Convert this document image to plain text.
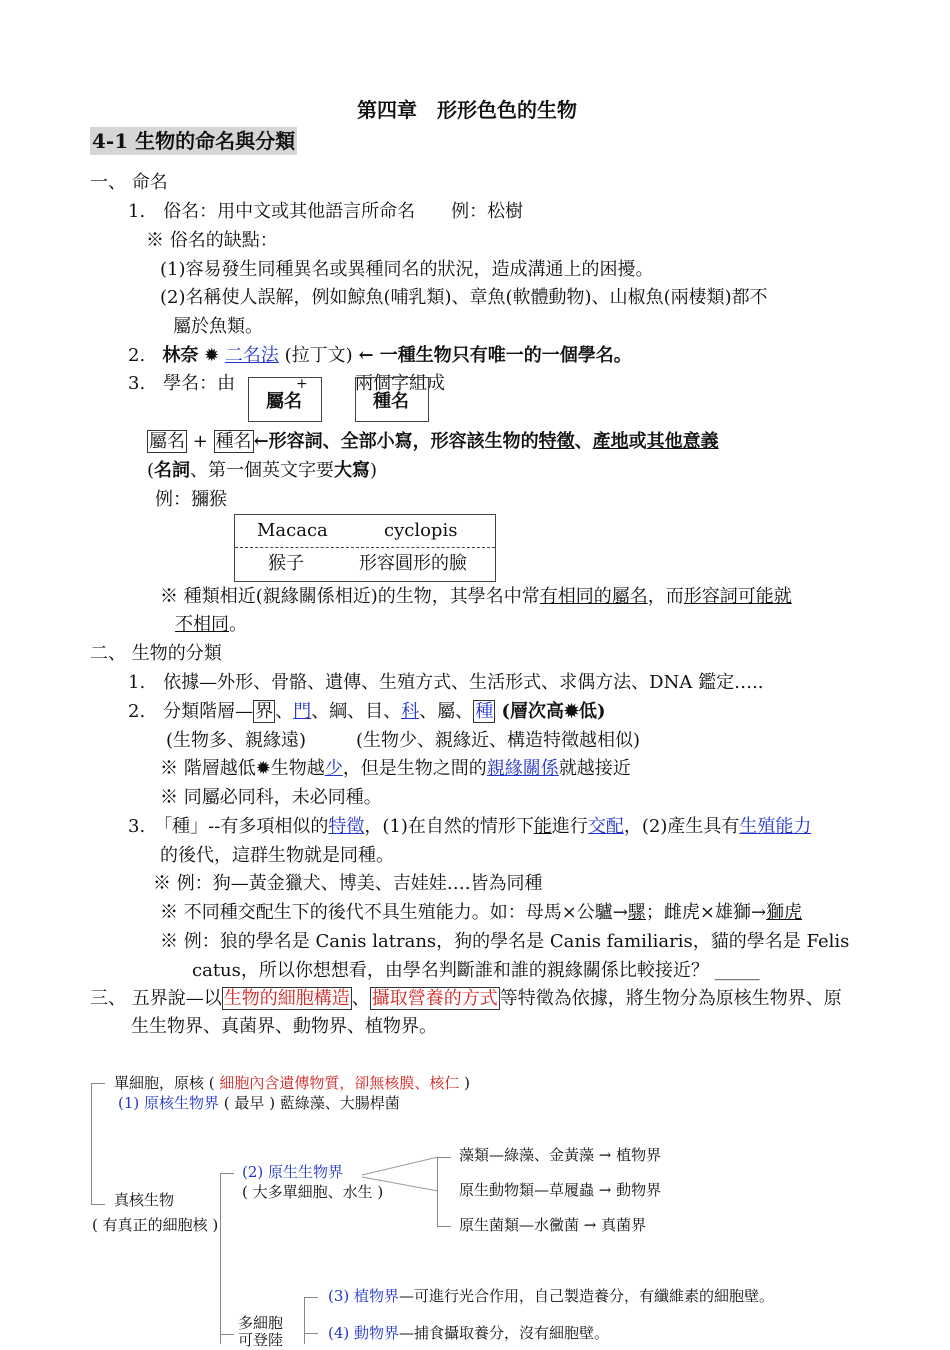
第四章　形形色色的生物
4-1 生物的命名與分類
一、 命名
1.　俗名：用中文或其他語言所命名　　例：松樹
※ 俗名的缺點：
(1)容易發生同種異名或異種同名的狀況，造成溝通上的困擾。
(2)名稱使人誤解，例如鯨魚(哺乳類)、章魚(軟體動物)、山椒魚(兩棲類)都不
屬於魚類。
2. 林奈 ✹ 二名法 (拉丁文) ← 一種生物只有唯一的一個學名。
3.　學名：由	+	兩個字組成
屬名	種名
屬名 + 種名 ←形容詞、全部小寫，形容該生物的特徵、產地或其他意義
(名詞、第一個英文字要大寫)
例：獼猴
Macaca	cyclopis
猴子	形容圓形的臉
※ 種類相近(親緣關係相近)的生物，其學名中常有相同的屬名，而形容詞可能就
不相同。
二、 生物的分類
1.　依據—外形、骨骼、遺傳、生殖方式、生活形式、求偶方法、DNA 鑑定…..
2.　分類階層— 界 、門、綱、目、科、屬、 種 (層次高✹低)
(生物多、親緣遠)	(生物少、親緣近、構造特徵越相似)
※ 階層越低✹生物越少，但是生物之間的親緣關係就越接近
※ 同屬必同科，未必同種。
3.　「種」--有多項相似的特徵，(1)在自然的情形下能進行交配，(2)產生具有生殖能力
的後代，這群生物就是同種。
※ 例：狗—黃金獵犬、博美、吉娃娃….皆為同種
※ 不同種交配生下的後代不具生殖能力。如：母馬×公驢→騾；雌虎×雄獅→獅虎
※ 例：狼的學名是 Canis latrans，狗的學名是 Canis familiaris，貓的學名是 Felis
catus，所以你想想看，由學名判斷誰和誰的親緣關係比較接近？ _____
三、 五界說—以 生物的細胞構造 、 攝取營養的方式 等特徵為依據，將生物分為原核生物界、原
生生物界、真菌界、動物界、植物界。
單細胞，原核 ( 細胞內含遺傳物質，卻無核膜、核仁 )
(1) 原核生物界 ( 最早 ) 藍綠藻、大腸桿菌
真核生物
( 有真正的細胞核 )
(2) 原生生物界
( 大多單細胞、水生 )
藻類—綠藻、金黃藻 → 植物界
原生動物類—草履蟲 → 動物界
原生菌類—水黴菌 → 真菌界
多細胞
可登陸
(3) 植物界—可進行光合作用，自己製造養分，有纖維素的細胞壁。
(4) 動物界—捕食攝取養分，沒有細胞壁。
